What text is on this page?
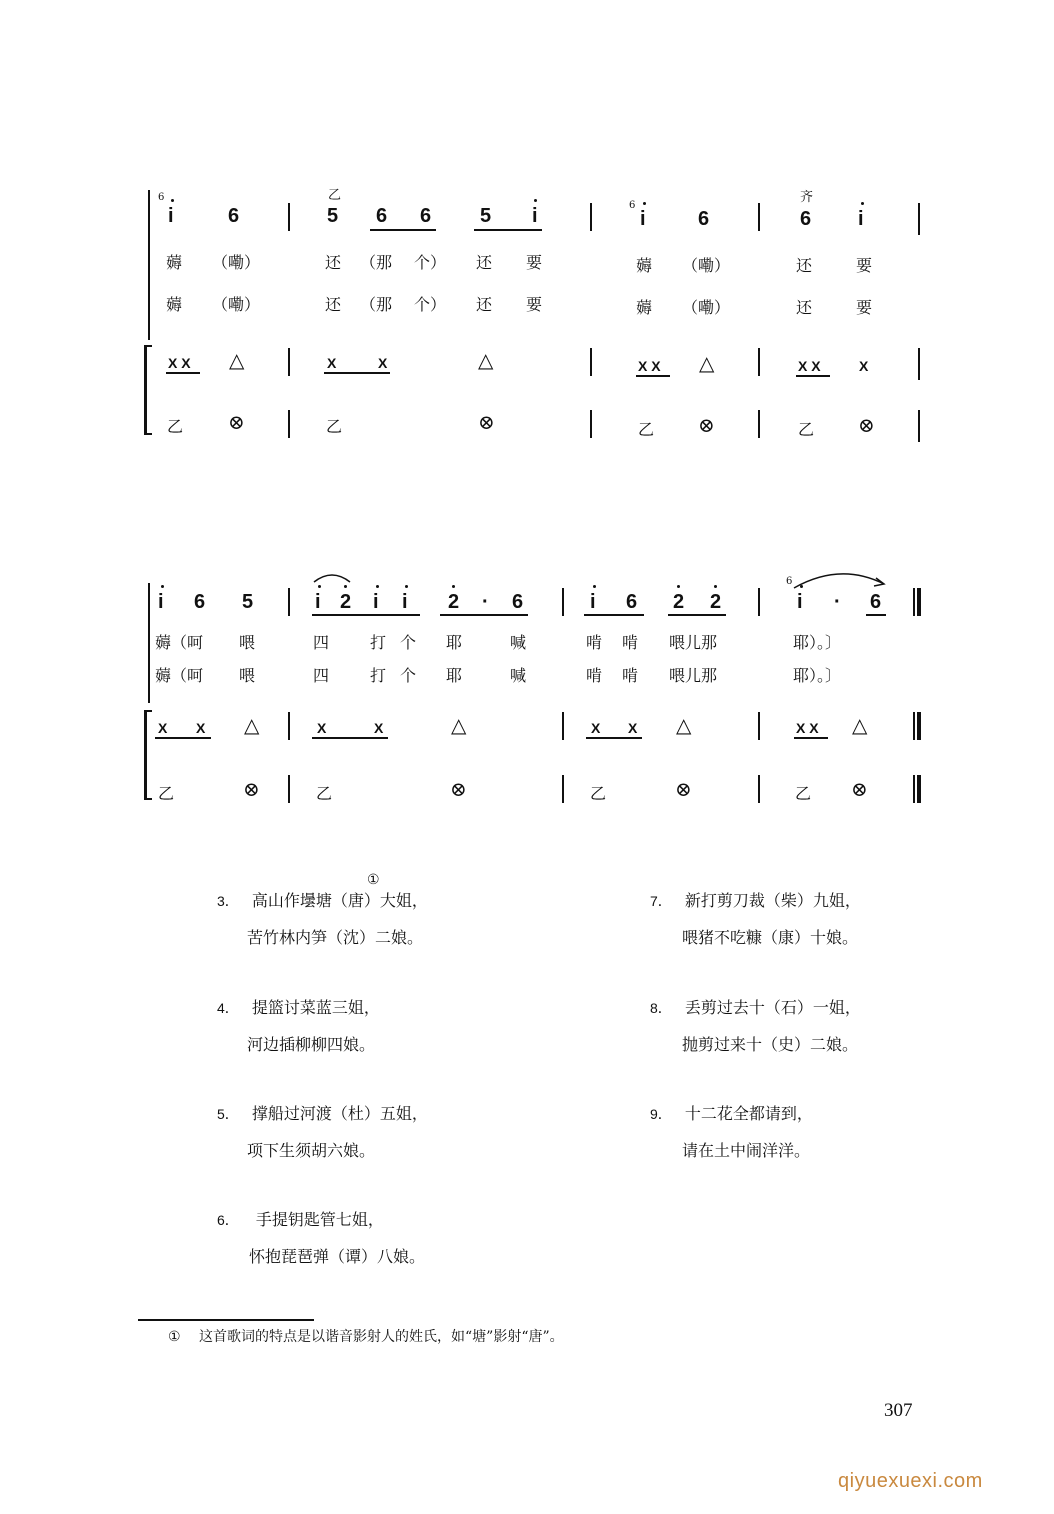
6
6
乙	齐
i	6	5 6 6 5 i	i	6	6 i
薅 （嘞）	还 （那 个） 还 要	薅 （嘞）	还	要
薅 （嘞）	还 （那 个） 还 要	薅 （嘞）	还	要
X X △	X	X	△	X X △	X X	X
乙 ⊗	乙	⊗	乙 ⊗	乙 ⊗
6
i 6 5	i 2 i i 2 · 6	i 6 2 2	i · 6
薅（呵 喂	四	打 个 耶	喊	啃 啃 喂儿那	耶）。〕
薅（呵 喂	四	打 个 耶	喊	啃 啃 喂儿那	耶）。〕
X X △	X	X	△	X X △	X X △
乙	⊗	乙	⊗	乙	⊗	乙 ⊗
3． 高山作壜塘（唐）大姐，
苦竹林内笋（沈）二娘。
①
4． 提篮讨菜蓝三姐，
河边插柳柳四娘。
5． 撑船过河渡（杜）五姐，
项下生须胡六娘。
6． 手提钥匙管七姐，
怀抱琵琶弹（谭）八娘。
7． 新打剪刀裁（柴）九姐，
喂猪不吃糠（康）十娘。
8． 丢剪过去十（石）一姐，
抛剪过来十（史）二娘。
9． 十二花全都请到，
请在土中闹洋洋。
① 这首歌词的特点是以谐音影射人的姓氏，如“塘”影射“唐”。
307
qiyuexuexi.com
